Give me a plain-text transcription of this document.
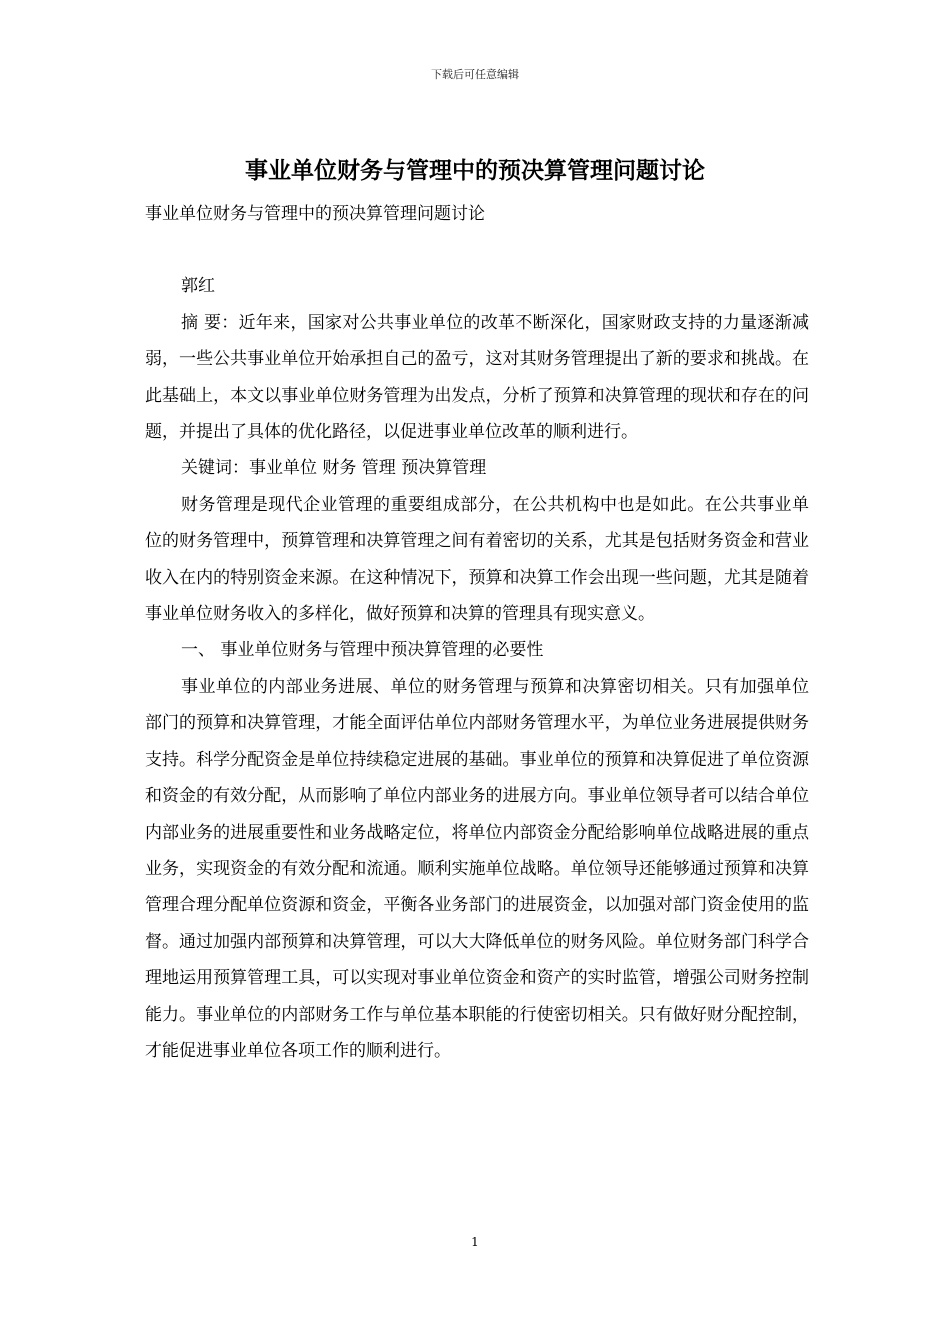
下载后可任意编辑
事业单位财务与管理中的预决算管理问题讨论

事业单位财务与管理中的预决算管理问题讨论

郭红

摘 要：近年来，国家对公共事业单位的改革不断深化，国家财政支持的力量逐渐减弱，一些公共事业单位开始承担自己的盈亏，这对其财务管理提出了新的要求和挑战。在此基础上，本文以事业单位财务管理为出发点，分析了预算和决算管理的现状和存在的问题，并提出了具体的优化路径，以促进事业单位改革的顺利进行。

关键词：事业单位 财务 管理 预决算管理

财务管理是现代企业管理的重要组成部分，在公共机构中也是如此。在公共事业单位的财务管理中，预算管理和决算管理之间有着密切的关系，尤其是包括财务资金和营业收入在内的特别资金来源。在这种情况下，预算和决算工作会出现一些问题，尤其是随着事业单位财务收入的多样化，做好预算和决算的管理具有现实意义。

一、 事业单位财务与管理中预决算管理的必要性

事业单位的内部业务进展、单位的财务管理与预算和决算密切相关。只有加强单位部门的预算和决算管理，才能全面评估单位内部财务管理水平，为单位业务进展提供财务支持。科学分配资金是单位持续稳定进展的基础。事业单位的预算和决算促进了单位资源和资金的有效分配，从而影响了单位内部业务的进展方向。事业单位领导者可以结合单位内部业务的进展重要性和业务战略定位，将单位内部资金分配给影响单位战略进展的重点业务，实现资金的有效分配和流通。顺利实施单位战略。单位领导还能够通过预算和决算管理合理分配单位资源和资金，平衡各业务部门的进展资金，以加强对部门资金使用的监督。通过加强内部预算和决算管理，可以大大降低单位的财务风险。单位财务部门科学合理地运用预算管理工具，可以实现对事业单位资金和资产的实时监管，增强公司财务控制能力。事业单位的内部财务工作与单位基本职能的行使密切相关。只有做好财分配控制，才能促进事业单位各项工作的顺利进行。

1
